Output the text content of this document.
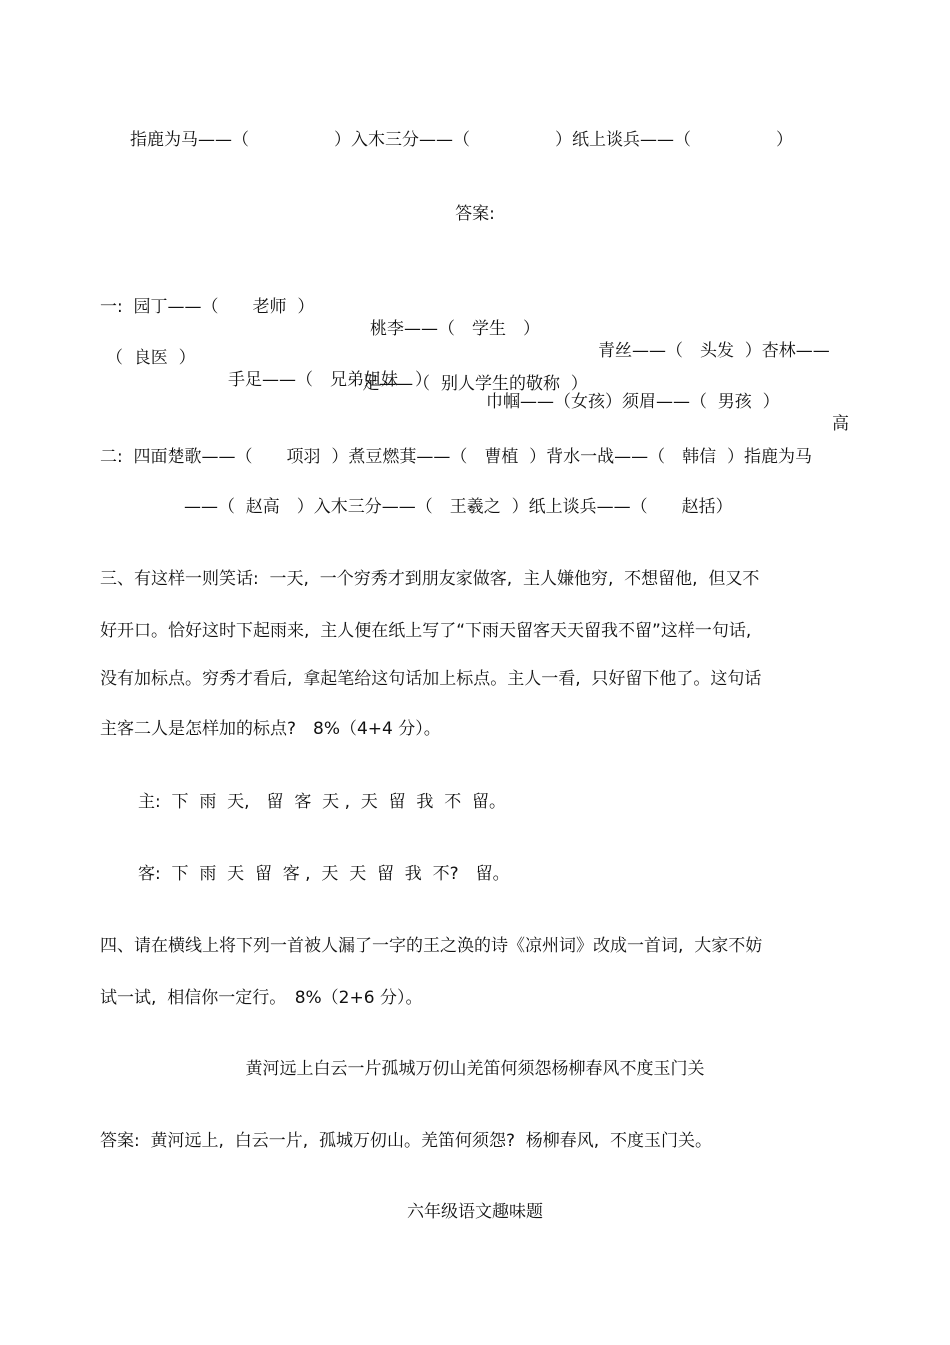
指鹿为马——（　　　　　）入木三分——（　　　　　）纸上谈兵——（　　　　　）
答案:

一:  园丁——（　　老师  ）

桃李——（　学生　）

青丝——（　头发  ）杏林——

（  良医  ）

手足——（　兄弟姐妹　）

巾帼——（女孩）须眉——（  男孩  ）

高

足——（  别人学生的敬称  ）
二:  四面楚歌——（　　项羽  ）煮豆燃萁——（　曹植  ）背水一战——（　韩信  ）指鹿为马
——（  赵高　）入木三分——（　王羲之  ）纸上谈兵——（　　赵括）
三、有这样一则笑话:  一天,  一个穷秀才到朋友家做客,  主人嫌他穷,  不想留他,  但又不
好开口。恰好这时下起雨来,  主人便在纸上写了“下雨天留客天天留我不留”这样一句话,
没有加标点。穷秀才看后,  拿起笔给这句话加上标点。主人一看,  只好留下他了。这句话
主客二人是怎样加的标点?　8%（4+4 分）。
主:  下  雨  天,　留  客  天 ,  天  留  我  不  留。
客:  下  雨  天  留  客 ,  天  天  留  我  不?　留。
四、请在横线上将下列一首被人漏了一字的王之涣的诗《凉州词》改成一首词,  大家不妨
试一试,  相信你一定行。　8%（2+6 分）。
黄河远上白云一片孤城万仞山羌笛何须怨杨柳春风不度玉门关
答案:  黄河远上,  白云一片,  孤城万仞山。羌笛何须怨?  杨柳春风,  不度玉门关。
六年级语文趣味题
